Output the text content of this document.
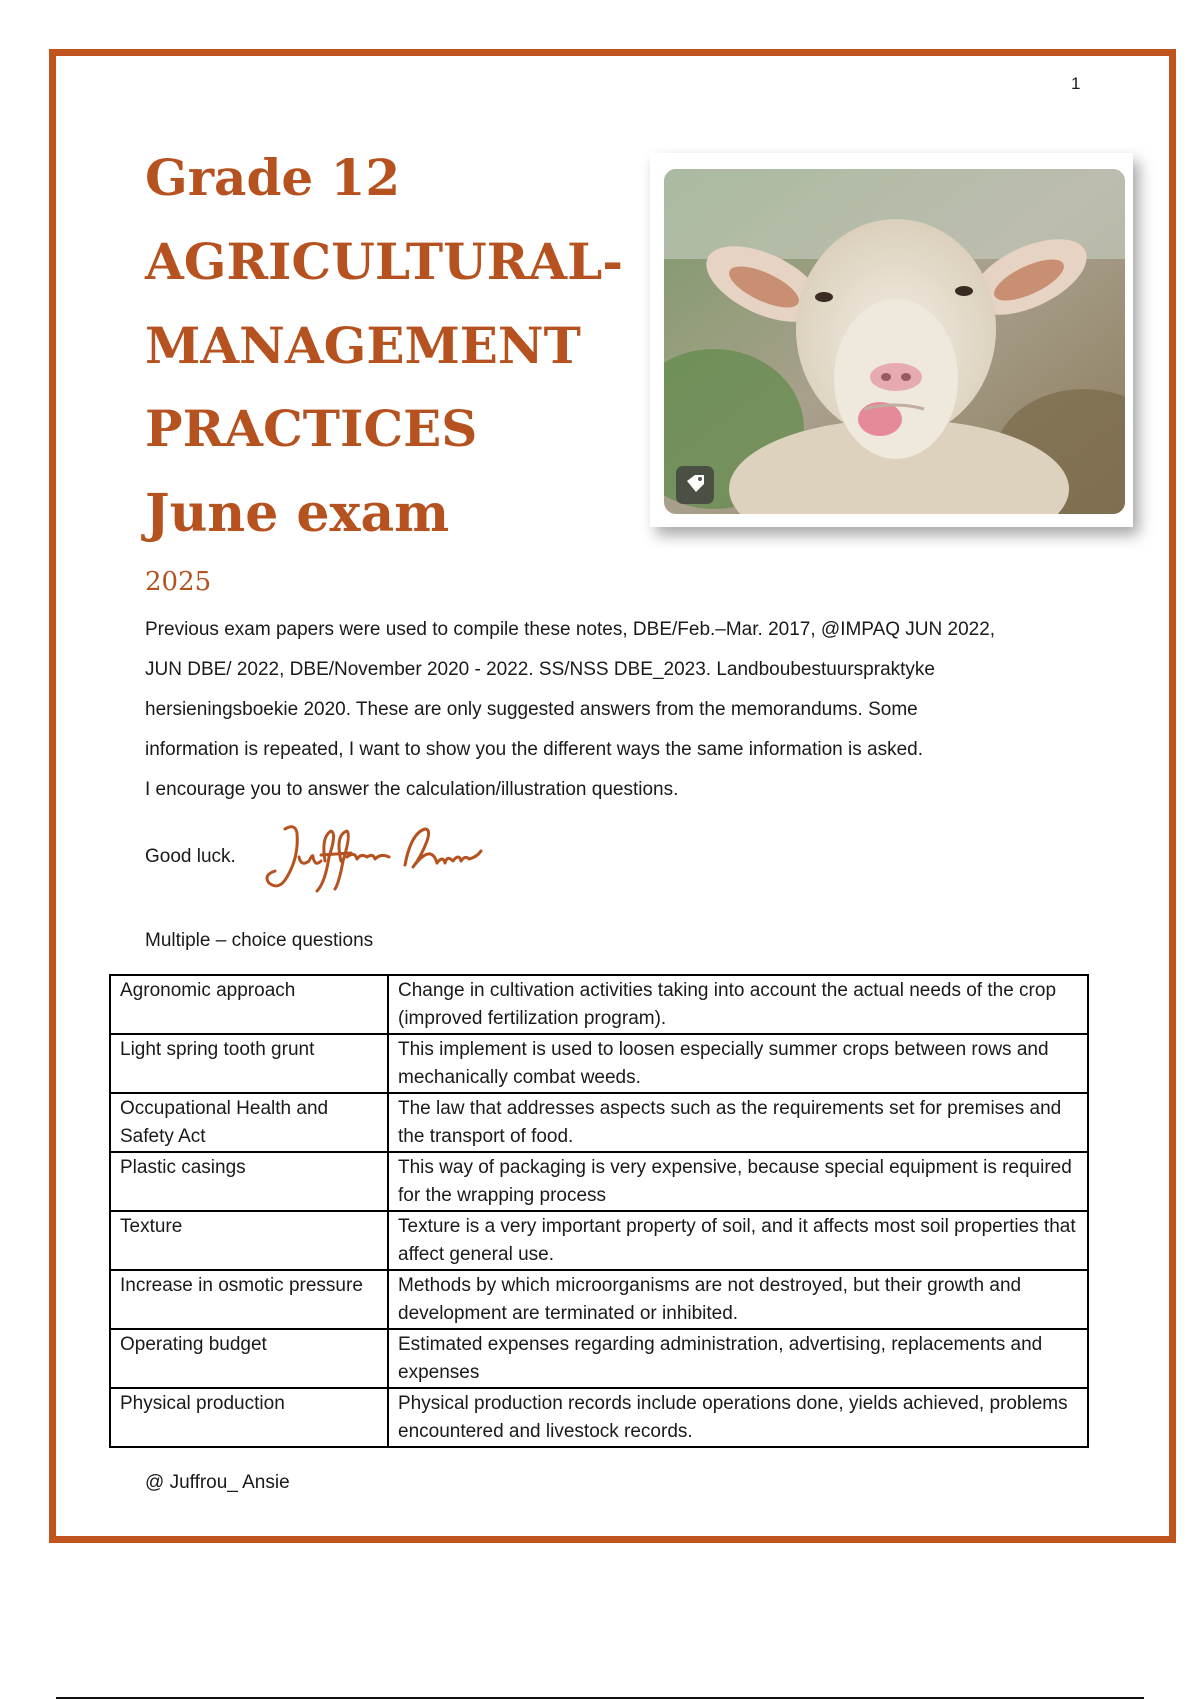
1
Grade 12
AGRICULTURAL-
MANAGEMENT
PRACTICES
June exam
2025

Previous exam papers were used to compile these notes, DBE/Feb.–Mar. 2017, @IMPAQ JUN 2022,

JUN DBE/ 2022, DBE/November 2020 - 2022. SS/NSS DBE_2023. Landboubestuurspraktyke

hersieningsboekie 2020. These are only suggested answers from the memorandums. Some

information is repeated, I want to show you the different ways the same information is asked.

I encourage you to answer the calculation/illustration questions.

Good luck.
Multiple – choice questions
Agronomic approach	Change in cultivation activities taking into account the actual needs of the crop (improved fertilization program).
Light spring tooth grunt	This implement is used to loosen especially summer crops between rows and mechanically combat weeds.
Occupational Health and Safety Act	The law that addresses aspects such as the requirements set for premises and the transport of food.
Plastic casings	This way of packaging is very expensive, because special equipment is required for the wrapping process
Texture	Texture is a very important property of soil, and it affects most soil properties that affect general use.
Increase in osmotic pressure	Methods by which microorganisms are not destroyed, but their growth and development are terminated or inhibited.
Operating budget	Estimated expenses regarding administration, advertising, replacements and expenses
Physical production	Physical production records include operations done, yields achieved, problems encountered and livestock records.
@ Juffrou_ Ansie
